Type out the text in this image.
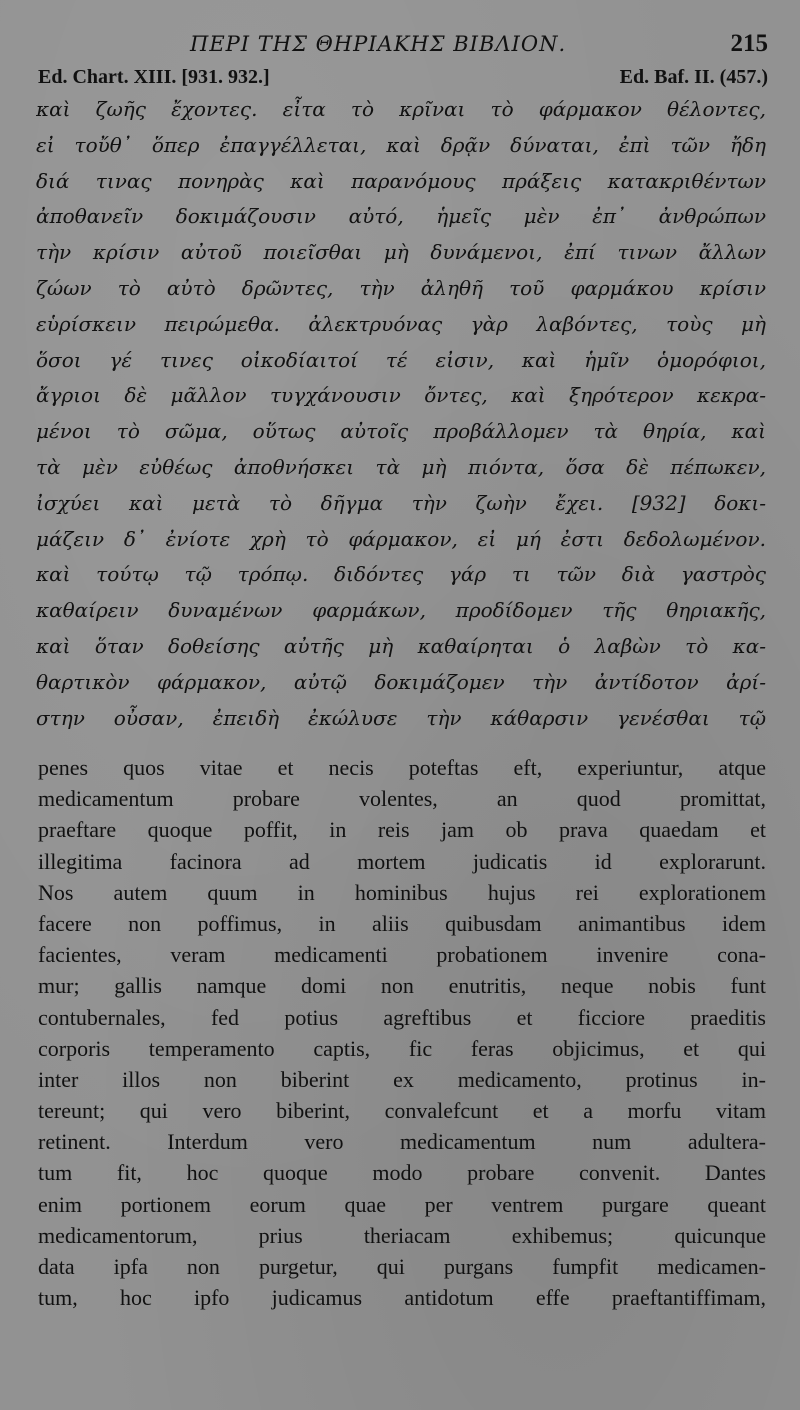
ΠΕΡΙ ΤΗΣ ΘΗΡΙΑΚΗΣ ΒΙΒΛΙΟΝ.	215
Ed. Chart. XIII. [931. 932.]	Ed. Baf. II. (457.)
καὶ ζωῆς ἔχοντες. εἶτα τὸ κρῖναι τὸ φάρμακον θέλοντες,
εἰ τοὔθ᾽ ὅπερ ἐπαγγέλλεται, καὶ δρᾷν δύναται, ἐπὶ τῶν ἤδη
διά τινας πονηρὰς καὶ παρανόμους πράξεις κατακριθέντων
ἀποθανεῖν δοκιμάζουσιν αὐτό, ἡμεῖς μὲν ἐπ᾽ ἀνθρώπων
τὴν κρίσιν αὐτοῦ ποιεῖσθαι μὴ δυνάμενοι, ἐπί τινων ἄλλων
ζώων τὸ αὐτὸ δρῶντες, τὴν ἀληθῆ τοῦ φαρμάκου κρίσιν
εὑρίσκειν πειρώμεθα. ἀλεκτρυόνας γὰρ λαβόντες, τοὺς μὴ
ὅσοι γέ τινες οἰκοδίαιτοί τέ εἰσιν, καὶ ἡμῖν ὁμορόφιοι,
ἄγριοι δὲ μᾶλλον τυγχάνουσιν ὄντες, καὶ ξηρότερον κεκρα-
μένοι τὸ σῶμα, οὕτως αὐτοῖς προβάλλομεν τὰ θηρία, καὶ
τὰ μὲν εὐθέως ἀποθνήσκει τὰ μὴ πιόντα, ὅσα δὲ πέπωκεν,
ἰσχύει καὶ μετὰ τὸ δῆγμα τὴν ζωὴν ἔχει. [932] δοκι-
μάζειν δ᾽ ἐνίοτε χρὴ τὸ φάρμακον, εἰ μή ἐστι δεδολωμένον.
καὶ τούτῳ τῷ τρόπῳ. διδόντες γάρ τι τῶν διὰ γαστρὸς
καθαίρειν δυναμένων φαρμάκων, προδίδομεν τῆς θηριακῆς,
καὶ ὅταν δοθείσης αὐτῆς μὴ καθαίρηται ὁ λαβὼν τὸ κα-
θαρτικὸν φάρμακον, αὐτῷ δοκιμάζομεν τὴν ἀντίδοτον ἀρί-
στην οὖσαν, ἐπειδὴ ἐκώλυσε τὴν κάθαρσιν γενέσθαι τῷ
penes quos vitae et necis poteftas eft, experiuntur, atque
medicamentum probare volentes, an quod promittat,
praeftare quoque poffit, in reis jam ob prava quaedam et
illegitima facinora ad mortem judicatis id explorarunt.
Nos autem quum in hominibus hujus rei explorationem
facere non poffimus, in aliis quibusdam animantibus idem
facientes, veram medicamenti probationem invenire cona-
mur; gallis namque domi non enutritis, neque nobis funt
contubernales, fed potius agreftibus et ficciore praeditis
corporis temperamento captis, fic feras objicimus, et qui
inter illos non biberint ex medicamento, protinus in-
tereunt; qui vero biberint, convalefcunt et a morfu vitam
retinent. Interdum vero medicamentum num adultera-
tum fit, hoc quoque modo probare convenit. Dantes
enim portionem eorum quae per ventrem purgare queant
medicamentorum, prius theriacam exhibemus; quicunque
data ipfa non purgetur, qui purgans fumpfit medicamen-
tum, hoc ipfo judicamus antidotum effe praeftantiffimam,
